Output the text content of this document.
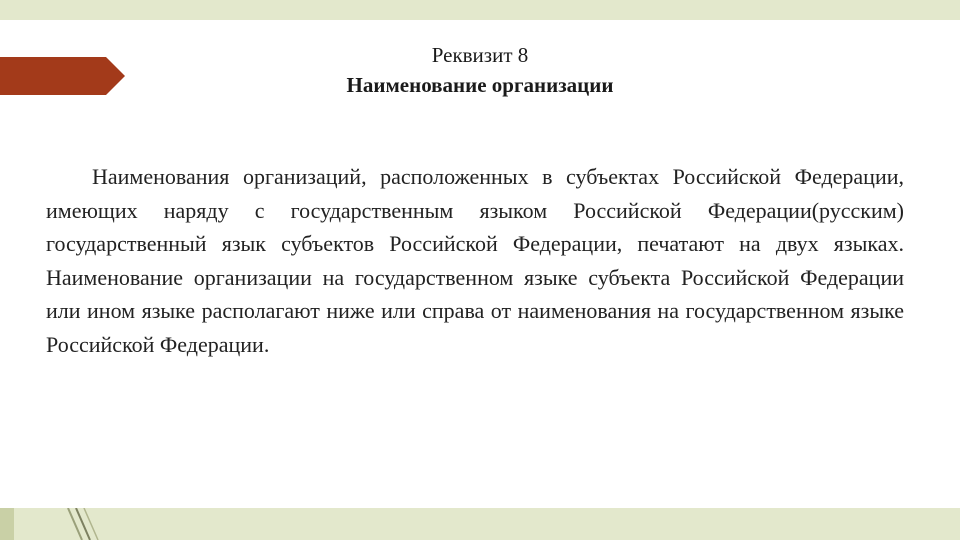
Реквизит 8
Наименование организации
Наименования организаций, расположенных в субъектах Российской Федерации, имеющих наряду с государственным языком Российской Федерации(русским) государственный язык субъектов Российской Федерации, печатают на двух языках. Наименование организации на государственном языке субъекта Российской Федерации или ином языке располагают ниже или справа от наименования на государственном языке Российской Федерации.
